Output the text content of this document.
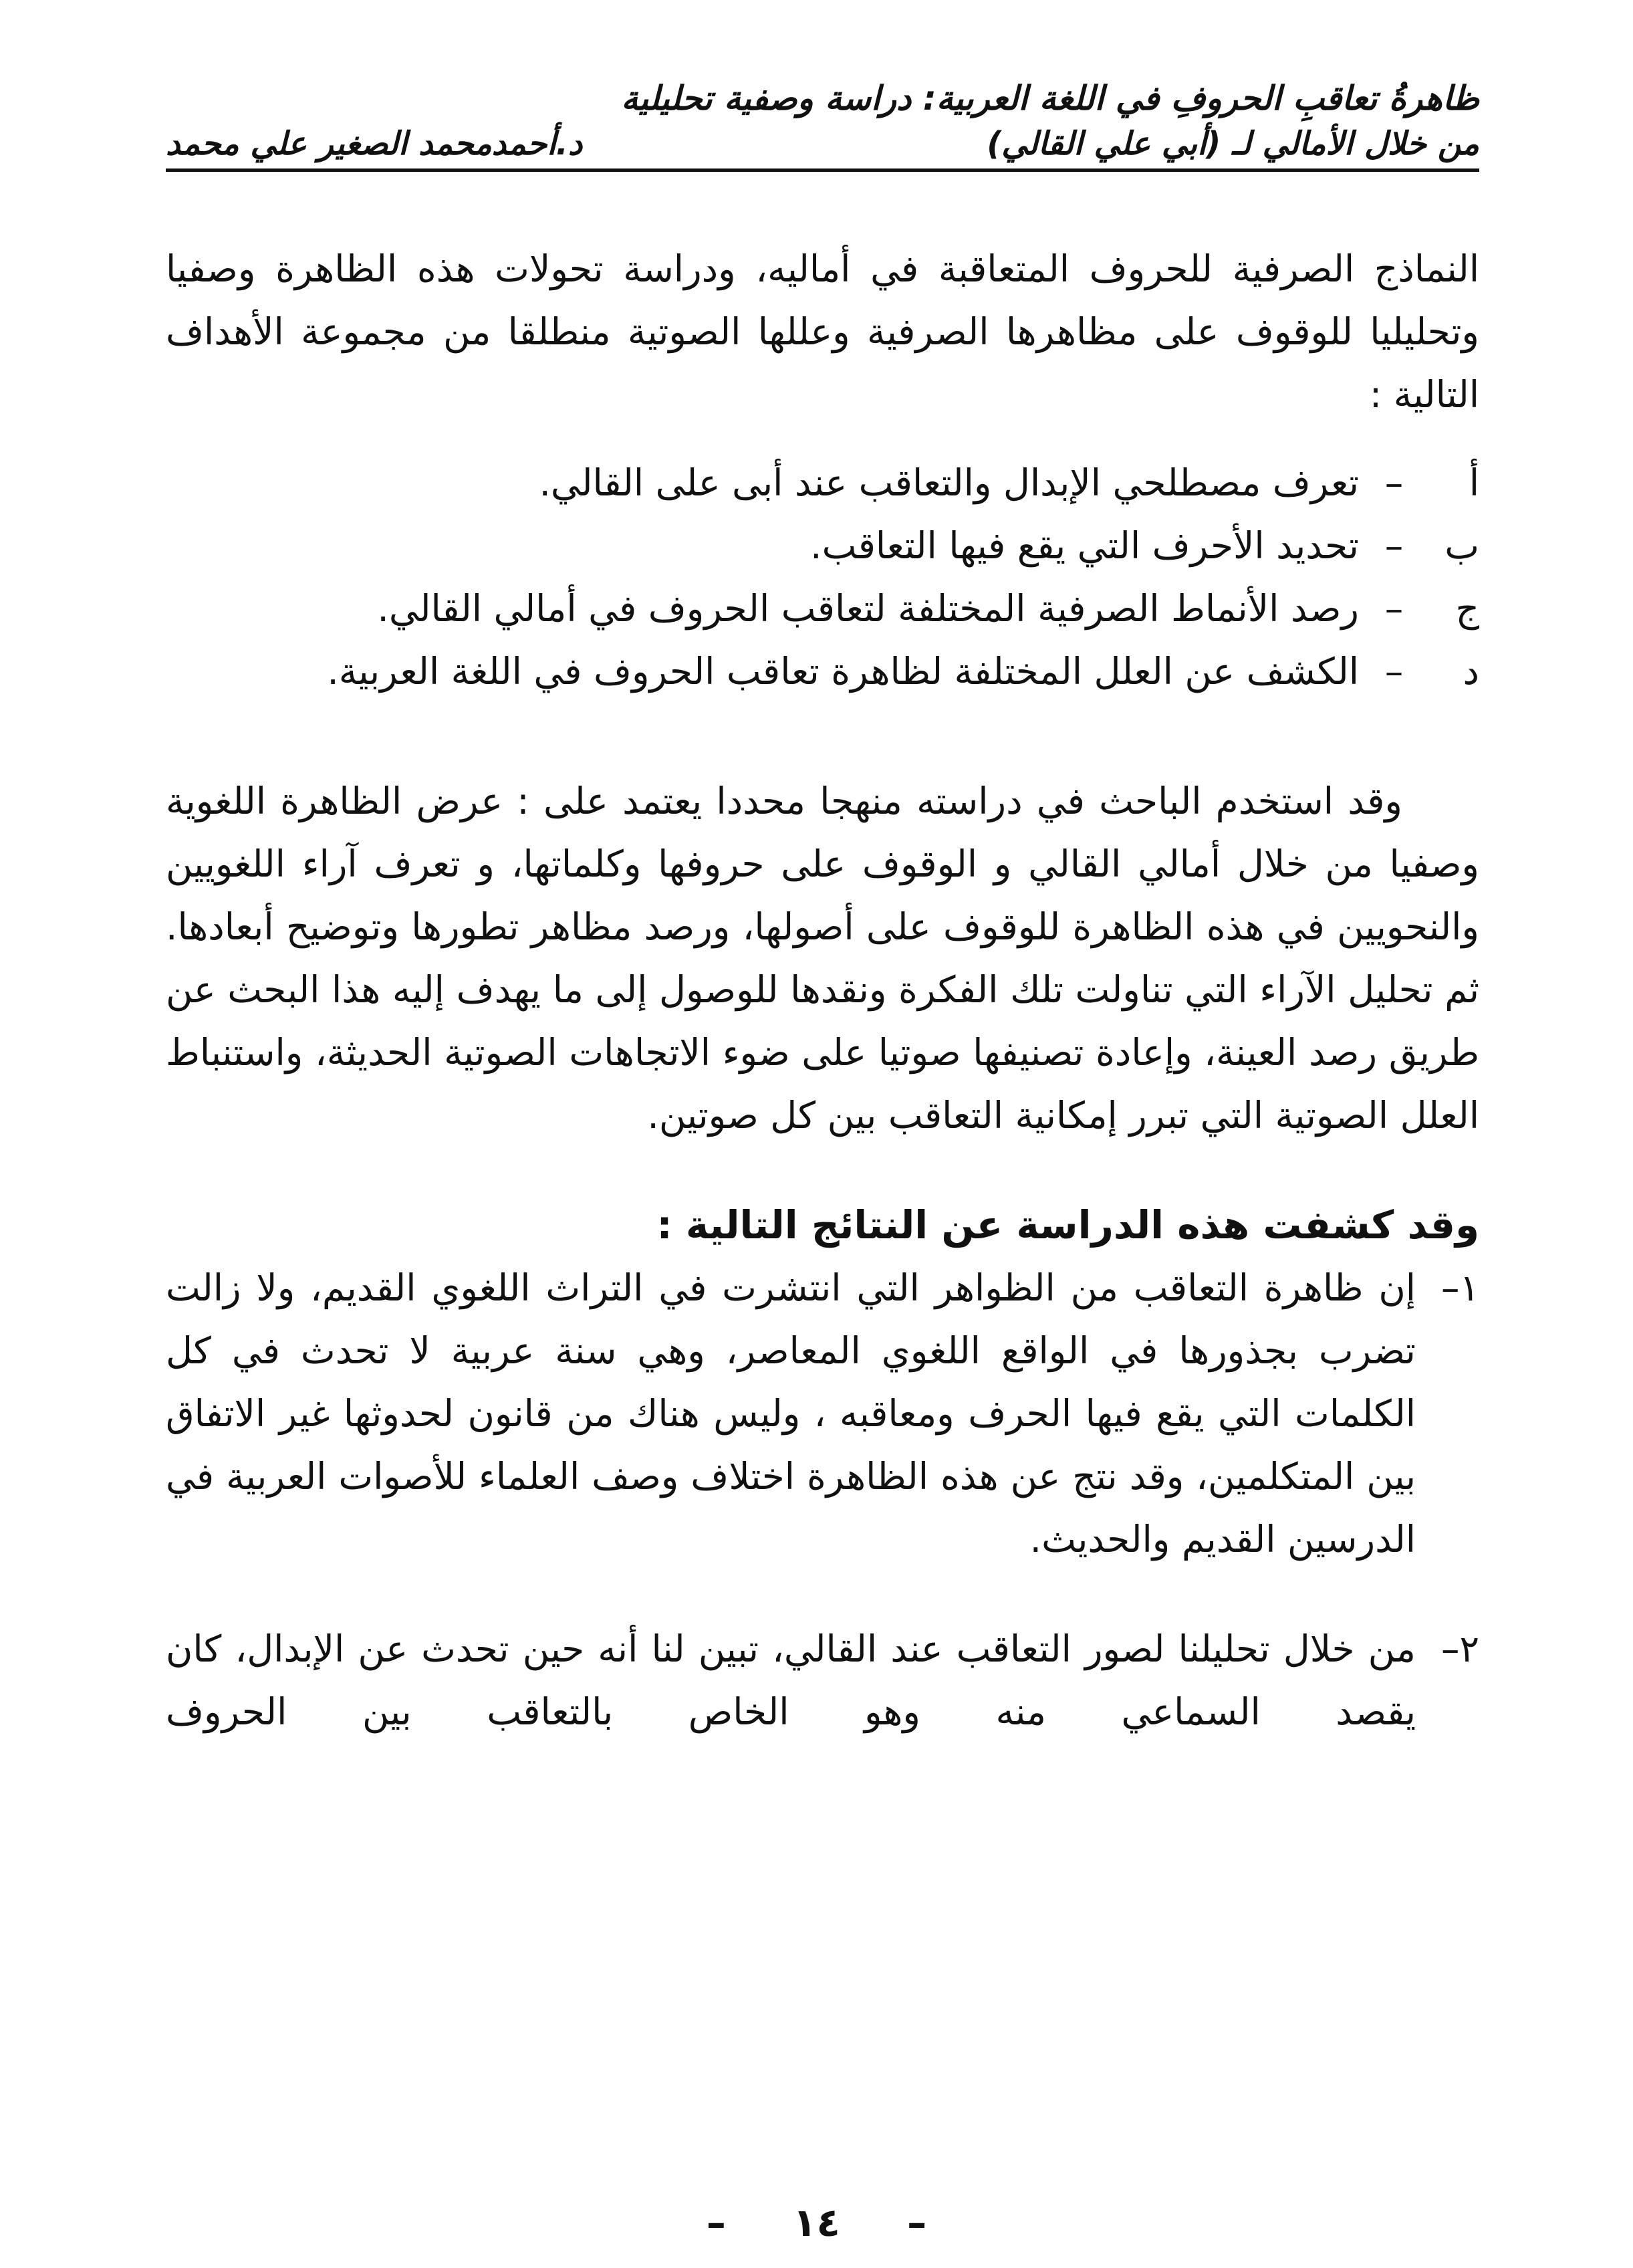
ظاهرةُ تعاقبِ الحروفِ في اللغة العربية: دراسة وصفية تحليلية
من خلال الأمالي لـ (أبي علي القالي)
د.أحمدمحمد الصغير علي محمد

النماذج الصرفية للحروف المتعاقبة في أماليه، ودراسة تحولات هذه الظاهرة وصفيا وتحليليا للوقوف على مظاهرها الصرفية وعللها الصوتية منطلقا من مجموعة الأهداف التالية :

أ
–
تعرف مصطلحي الإبدال والتعاقب عند أبى على القالي.
ب
–
تحديد الأحرف التي يقع فيها التعاقب.
ج
–
رصد الأنماط الصرفية المختلفة لتعاقب الحروف في أمالي القالي.
د
–
الكشف عن العلل المختلفة لظاهرة تعاقب الحروف في اللغة العربية.

وقد استخدم الباحث في دراسته منهجا محددا يعتمد على : عرض الظاهرة اللغوية وصفيا من خلال أمالي القالي و الوقوف على حروفها وكلماتها، و تعرف آراء اللغويين والنحويين في هذه الظاهرة للوقوف على أصولها، ورصد مظاهر تطورها وتوضيح أبعادها. ثم تحليل الآراء التي تناولت تلك الفكرة ونقدها للوصول إلى ما يهدف إليه هذا البحث عن طريق رصد العينة، وإعادة تصنيفها صوتيا على ضوء الاتجاهات الصوتية الحديثة، واستنباط العلل الصوتية التي تبرر إمكانية التعاقب بين كل صوتين.

وقد كشفت هذه الدراسة عن النتائج التالية :

١–
إن ظاهرة التعاقب من الظواهر التي انتشرت في التراث اللغوي القديم، ولا زالت تضرب بجذورها في الواقع اللغوي المعاصر، وهي سنة عربية لا تحدث في كل الكلمات التي يقع فيها الحرف ومعاقبه ، وليس هناك من قانون لحدوثها غير الاتفاق بين المتكلمين، وقد نتج عن هذه الظاهرة اختلاف وصف العلماء للأصوات العربية في الدرسين القديم والحديث.
٢–
من خلال تحليلنا لصور التعاقب عند القالي، تبين لنا أنه حين تحدث عن الإبدال، كان يقصد السماعي منه وهو الخاص بالتعاقب بين الحروف
– ١٤ –
